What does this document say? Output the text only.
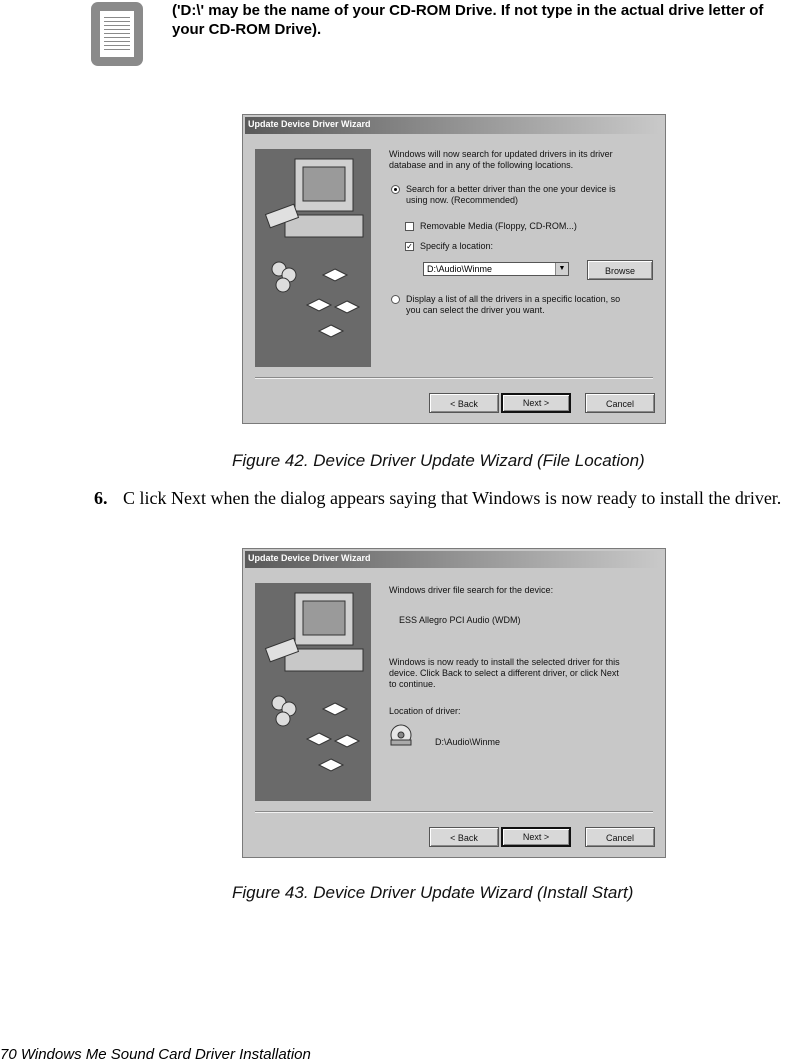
('D:\' may be the name of your CD-ROM Drive. If not type in the actual drive letter of your CD-ROM Drive).
Update Device Driver Wizard
Windows will now search for updated drivers in its driver
database and in any of the following locations.
Search for a better driver than the one your device is
using now. (Recommended)
Removable Media (Floppy, CD-ROM...)
✓ Specify a location:
D:\Audio\Winme	▼	Browse
Display a list of all the drivers in a specific location, so
you can select the driver you want.
< Back	Next >	Cancel
Figure 42. Device Driver Update Wizard (File Location)
6. C lick Next when the dialog appears saying that Windows is now ready to install the driver.
Update Device Driver Wizard
Windows driver file search for the device:
ESS Allegro PCI Audio (WDM)
Windows is now ready to install the selected driver for this
device. Click Back to select a different driver, or click Next
to continue.
Location of driver:
D:\Audio\Winme
< Back	Next >	Cancel
Figure 43. Device Driver Update Wizard (Install Start)
70 Windows Me Sound Card Driver Installation
